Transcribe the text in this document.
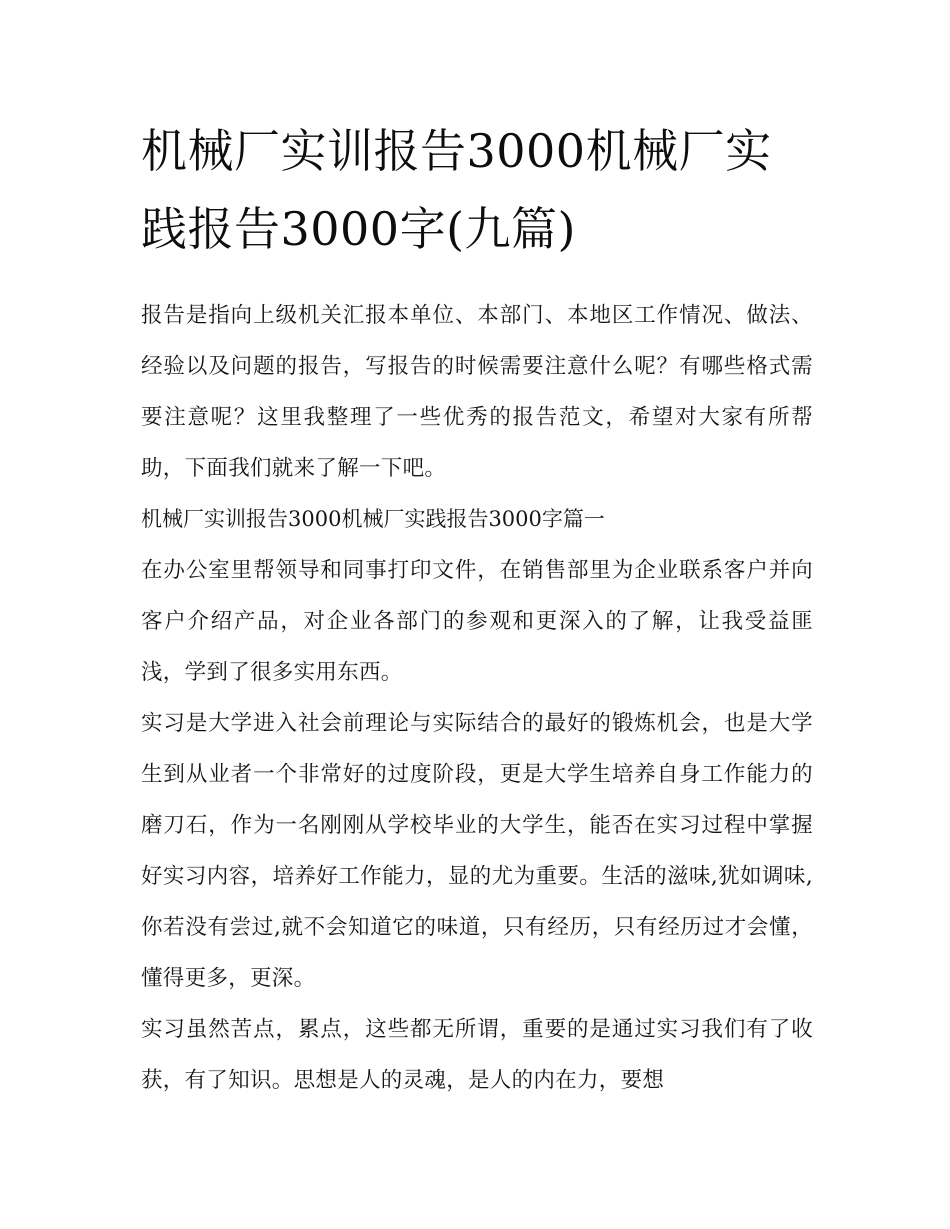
机械厂实训报告3000机械厂实践报告3000字(九篇)

报告是指向上级机关汇报本单位、本部门、本地区工作情况、做法、经验以及问题的报告，写报告的时候需要注意什么呢？有哪些格式需要注意呢？这里我整理了一些优秀的报告范文，希望对大家有所帮助，下面我们就来了解一下吧。

机械厂实训报告3000机械厂实践报告3000字篇一

在办公室里帮领导和同事打印文件，在销售部里为企业联系客户并向客户介绍产品，对企业各部门的参观和更深入的了解，让我受益匪浅，学到了很多实用东西。

实习是大学进入社会前理论与实际结合的最好的锻炼机会，也是大学生到从业者一个非常好的过度阶段，更是大学生培养自身工作能力的磨刀石，作为一名刚刚从学校毕业的大学生，能否在实习过程中掌握好实习内容，培养好工作能力，显的尤为重要。生活的滋味,犹如调味,你若没有尝过,就不会知道它的味道，只有经历，只有经历过才会懂，懂得更多，更深。

实习虽然苦点，累点，这些都无所谓，重要的是通过实习我们有了收获，有了知识。思想是人的灵魂，是人的内在力，要想
